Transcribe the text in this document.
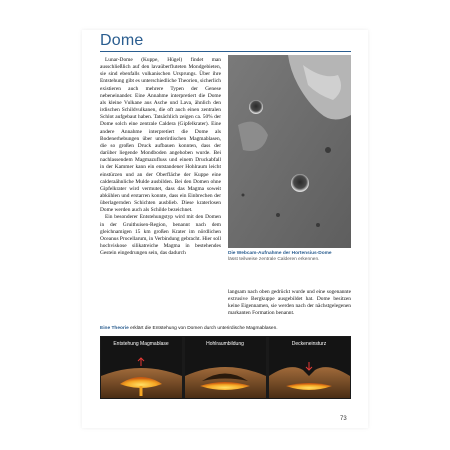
Dome

Lunar-Dome (Kuppe, Hügel) findet man ausschließlich auf den lavaüberfluteten Mondgebieten, sie sind ebenfalls vulkanischen Ursprungs. Über ihre Entstehung gibt es unterschiedliche Theorien, sicherlich existieren auch mehrere Typen der Genese nebeneinander. Eine Annahme interpretiert die Dome als kleine Vulkane aus Asche und Lava, ähnlich den irdischen Schildvulkanen, die oft auch einen zentralen Schlot aufgebaut haben. Tatsächlich zeigen ca. 50% der Dome solch eine zentrale Caldera (Gipfelkrater). Eine andere Annahme interpretiert die Dome als Bodenerhebungen über unterirdischen Magmablasen, die so großen Druck aufbauen konnten, dass der darüber liegende Mondboden angehoben wurde. Bei nachlassendem Magmazufluss und einem Druckabfall in der Kammer kann ein entstandener Hohlraum leicht einstürzen und an der Oberfläche der Kuppe eine calderaähnliche Mulde ausbilden. Bei den Domen ohne Gipfelkrater wird vermutet, dass das Magma soweit abkühlen und erstarren konnte, dass ein Einbrechen der überlagernden Schichten ausblieb. Diese kraterlosen Dome werden auch als Schilde bezeichnet.

Ein besonderer Entstehungstyp wird mit den Domen in der Gruithuisen-Region, benannt nach dem gleichnamigen 15 km großen Krater im nördlichen Oceanus Procellarum, in Verbindung gebracht. Hier soll hochviskose silikatreiche Magma in bestehendes Gestein eingedrungen sein, das dadurch	Die Webcam-Aufnahme der Hortensius-Dome
lässt teilweise zentrale Calderen erkennen.

langsam nach oben gedrückt wurde und eine sogenannte extrusive Bergkuppe ausgebildet hat. Dome besitzen keine Eigennamen, sie werden nach der nächstgelegenen markanten Formation benannt.

Eine Theorie erklärt die Entstehung von Domen durch unterirdische Magmablasen.
Entstehung Magmablase	Hohlraumbildung	Deckeneinsturz
73
